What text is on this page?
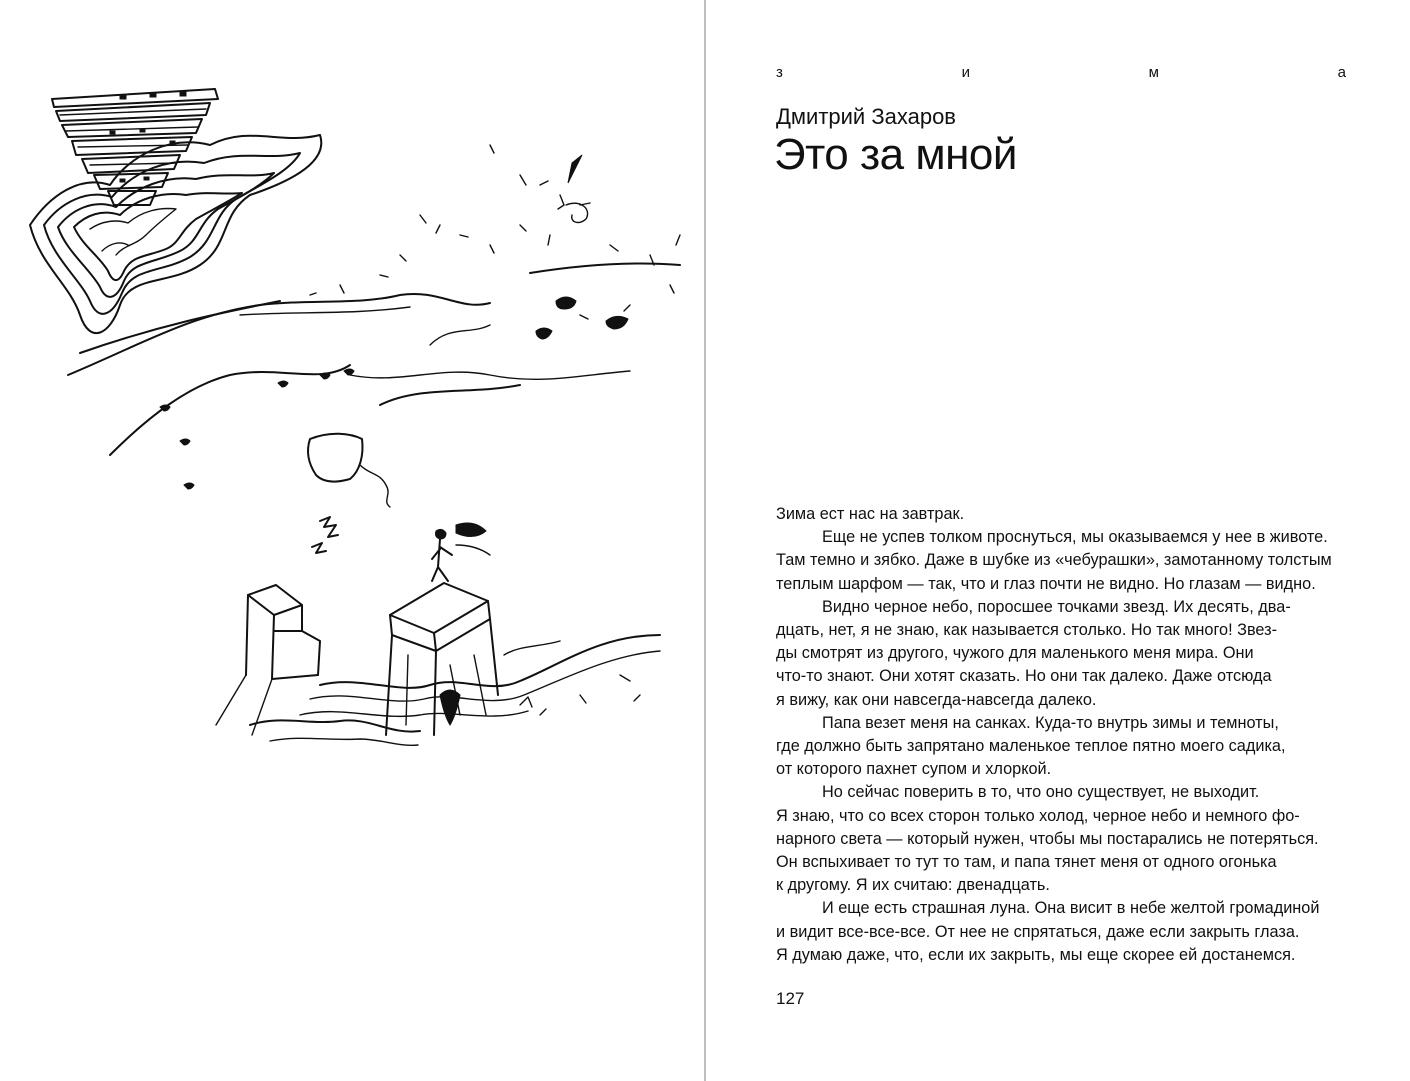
з	и	м	а

Дмитрий Захаров

Это за мной
Зима ест нас на завтрак.
Еще не успев толком проснуться, мы оказываемся у нее в животе.
Там темно и зябко. Даже в шубке из «чебурашки», замотанному толстым
теплым шарфом — так, что и глаз почти не видно. Но глазам — видно.
Видно черное небо, поросшее точками звезд. Их десять, два-
дцать, нет, я не знаю, как называется столько. Но так много! Звез-
ды смотрят из другого, чужого для маленького меня мира. Они
что-то знают. Они хотят сказать. Но они так далеко. Даже отсюда
я вижу, как они навсегда-навсегда далеко.
Папа везет меня на санках. Куда-то внутрь зимы и темноты,
где должно быть запрятано маленькое теплое пятно моего садика,
от которого пахнет супом и хлоркой.
Но сейчас поверить в то, что оно существует, не выходит.
Я знаю, что со всех сторон только холод, черное небо и немного фо-
нарного света — который нужен, чтобы мы постарались не потеряться.
Он вспыхивает то тут то там, и папа тянет меня от одного огонька
к другому. Я их считаю: двенадцать.
И еще есть страшная луна. Она висит в небе желтой громадиной
и видит все-все-все. От нее не спрятаться, даже если закрыть глаза.
Я думаю даже, что, если их закрыть, мы еще скорее ей достанемся.
127
